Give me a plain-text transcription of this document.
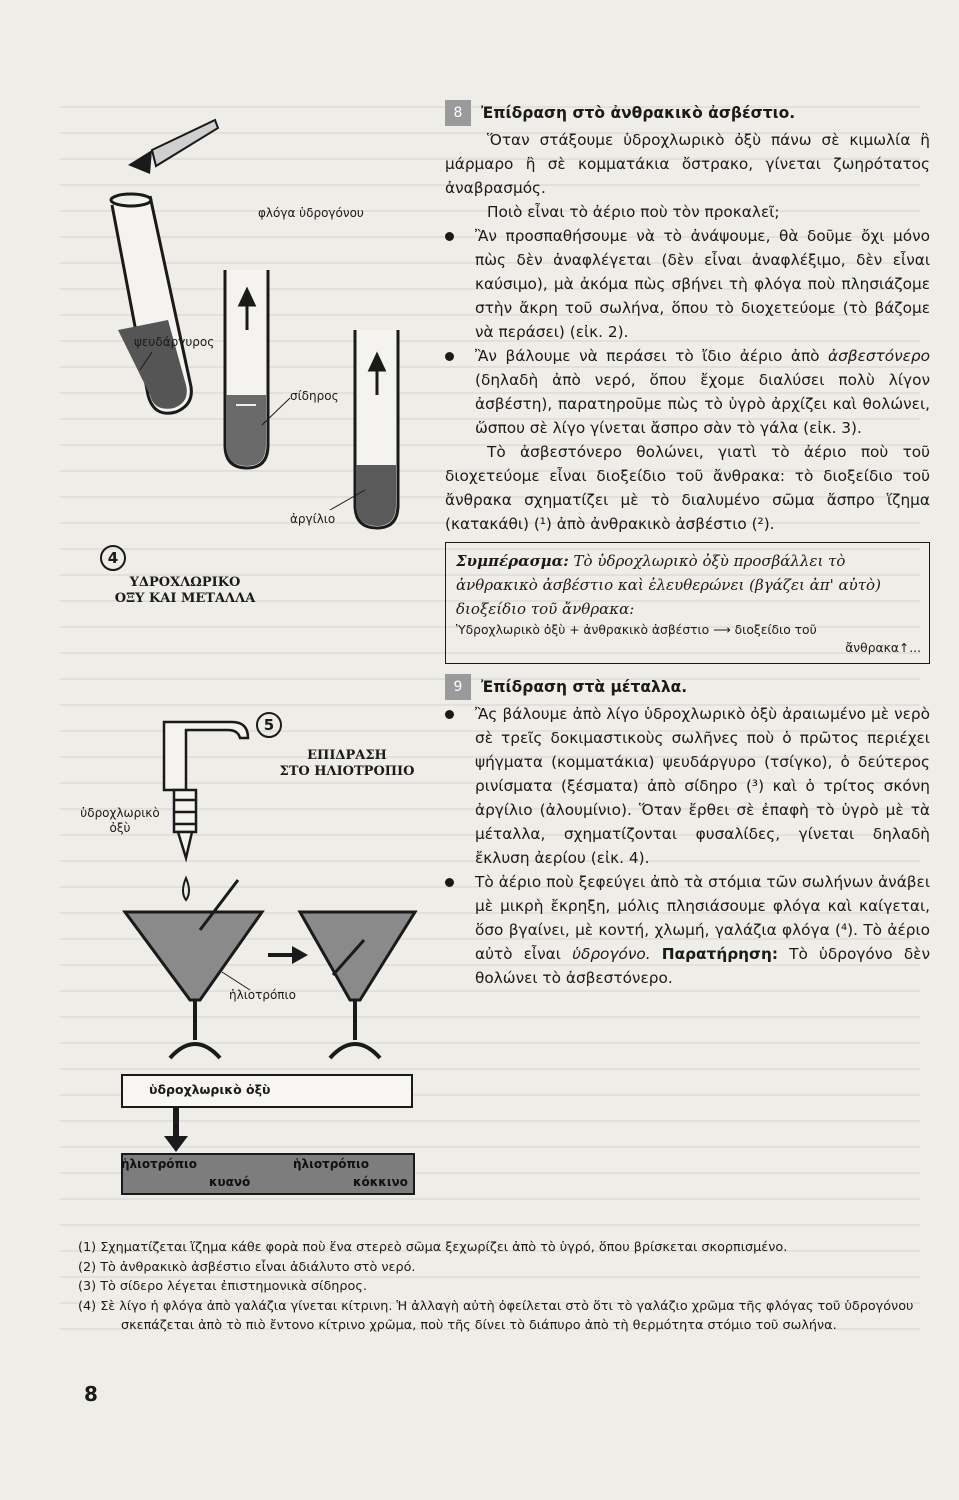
φλόγα ὑδρογόνου
ψευδάργυρος
σίδηρος
ἀργίλιο
4
ΥΔΡΟΧΛΩΡΙΚΟ
ΟΞΥ ΚΑΙ ΜΕΤΑΛΛΑ
5
ΕΠΙΔΡΑΣΗ
ΣΤΟ ΗΛΙΟΤΡΟΠΙΟ
ὑδροχλωρικὸ ὀξὺ
ἡλιοτρόπιο
ὑδροχλωρικὸ ὀξὺ
ἡλιοτρόπιο
κυανό
ἡλιοτρόπιο
κόκκινο
8	Ἐπίδραση στὸ ἀνθρακικὸ ἀσβέστιο.

Ὅταν στάξουμε ὑδροχλωρικὸ ὀξὺ πάνω σὲ κιμωλία ἢ μάρμαρο ἢ σὲ κομματάκια ὄστρακο, γίνεται ζωηρότατος ἀναβρασμός.

Ποιὸ εἶναι τὸ ἀέριο ποὺ τὸν προκαλεῖ;

Ἂν προσπαθήσουμε νὰ τὸ ἀνάψουμε, θὰ δοῦμε ὄχι μόνο πὼς δὲν ἀναφλέγεται (δὲν εἶναι ἀναφλέξιμο, δὲν εἶναι καύσιμο), μὰ ἀκόμα πὼς σβήνει τὴ φλόγα ποὺ πλησιάζομε στὴν ἄκρη τοῦ σωλήνα, ὅπου τὸ διοχετεύομε (τὸ βάζομε νὰ περάσει) (εἰκ. 2).

Ἂν βάλουμε νὰ περάσει τὸ ἴδιο ἀέριο ἀπὸ ἀσβεστόνερο (δηλαδὴ ἀπὸ νερό, ὅπου ἔχομε διαλύσει πολὺ λίγον ἀσβέστη), παρατηροῦμε πὼς τὸ ὑγρὸ ἀρχίζει καὶ θολώνει, ὥσπου σὲ λίγο γίνεται ἄσπρο σὰν τὸ γάλα (εἰκ. 3).

Τὸ ἀσβεστόνερο θολώνει, γιατὶ τὸ ἀέριο ποὺ τοῦ διοχετεύομε εἶναι διοξείδιο τοῦ ἄνθρακα: τὸ διοξείδιο τοῦ ἄνθρακα σχηματίζει μὲ τὸ διαλυμένο σῶμα ἄσπρο ἵζημα (κατακάθι) (¹) ἀπὸ ἀνθρακικὸ ἀσβέστιο (²).

Συμπέρασμα: Τὸ ὑδροχλωρικὸ ὀξὺ προσβάλλει τὸ ἀνθρακικὸ ἀσβέστιο καὶ ἐλευθερώνει (βγάζει ἀπ' αὐτὸ) διοξείδιο τοῦ ἄνθρακα:
Ὑδροχλωρικὸ ὀξὺ + ἀνθρακικὸ ἀσβέστιο ⟶ διοξείδιο τοῦ
ἄνθρακα↑...
9	Ἐπίδραση στὰ μέταλλα.

Ἂς βάλουμε ἀπὸ λίγο ὑδροχλωρικὸ ὀξὺ ἀραιωμένο μὲ νερὸ σὲ τρεῖς δοκιμαστικοὺς σωλῆνες ποὺ ὁ πρῶτος περιέχει ψήγματα (κομματάκια) ψευδάργυρο (τσίγκο), ὁ δεύτερος ρινίσματα (ξέσματα) ἀπὸ σίδηρο (³) καὶ ὁ τρίτος σκόνη ἀργίλιο (ἀλουμίνιο). Ὅταν ἔρθει σὲ ἐπαφὴ τὸ ὑγρὸ μὲ τὰ μέταλλα, σχηματίζονται φυσαλίδες, γίνεται δηλαδὴ ἔκλυση ἀερίου (εἰκ. 4).

Τὸ ἀέριο ποὺ ξεφεύγει ἀπὸ τὰ στόμια τῶν σωλήνων ἀνάβει μὲ μικρὴ ἔκρηξη, μόλις πλησιάσουμε φλόγα καὶ καίγεται, ὅσο βγαίνει, μὲ κοντή, χλωμή, γαλάζια φλόγα (⁴). Τὸ ἀέριο αὐτὸ εἶναι ὑδρογόνο. Παρατήρηση: Τὸ ὑδρογόνο δὲν θολώνει τὸ ἀσβεστόνερο.

(1) Σχηματίζεται ἵζημα κάθε φορὰ ποὺ ἕνα στερεὸ σῶμα ξεχωρίζει ἀπὸ τὸ ὑγρό, ὅπου βρίσκεται σκορπισμένο.
(2) Τὸ ἀνθρακικὸ ἀσβέστιο εἶναι ἀδιάλυτο στὸ νερό.
(3) Τὸ σίδερο λέγεται ἐπιστημονικὰ σίδηρος.
(4) Σὲ λίγο ἡ φλόγα ἀπὸ γαλάζια γίνεται κίτρινη. Ἡ ἀλλαγὴ αὐτὴ ὀφείλεται στὸ ὅτι τὸ γαλάζιο χρῶμα τῆς φλόγας τοῦ ὑδρογόνου σκεπάζεται ἀπὸ τὸ πιὸ ἔντονο κίτρινο χρῶμα, ποὺ τῆς δίνει τὸ διάπυρο ἀπὸ τὴ θερμότητα στόμιο τοῦ σωλήνα.
8
